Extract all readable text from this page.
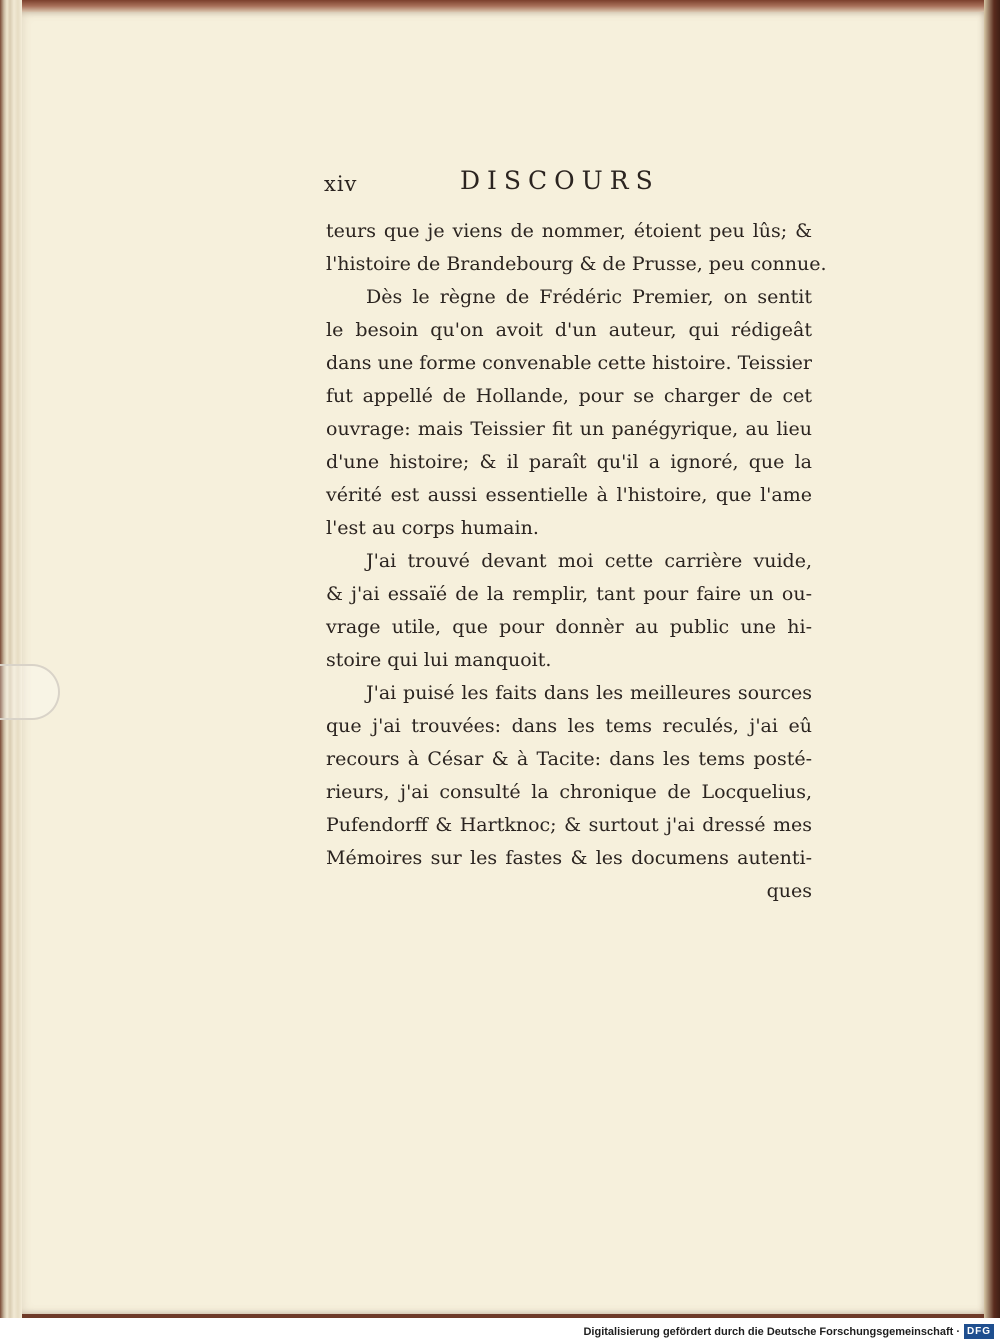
xiv	DISCOURS
teurs que je viens de nommer, étoient peu lûs; &
l'histoire de Brandebourg & de Prusse, peu connue.
Dès le règne de Frédéric Premier, on sentit
le besoin qu'on avoit d'un auteur, qui rédigeât
dans une forme convenable cette histoire. Teissier
fut appellé de Hollande, pour se charger de cet
ouvrage: mais Teissier fit un panégyrique, au lieu
d'une histoire; & il paraît qu'il a ignoré, que la
vérité est aussi essentielle à l'histoire, que l'ame
l'est au corps humain.
J'ai trouvé devant moi cette carrière vuide,
& j'ai essaïé de la remplir, tant pour faire un ou-
vrage utile, que pour donnèr au public une hi-
stoire qui lui manquoit.
J'ai puisé les faits dans les meilleures sources
que j'ai trouvées: dans les tems reculés, j'ai eû
recours à César & à Tacite: dans les tems posté-
rieurs, j'ai consulté la chronique de Locquelius,
Pufendorff & Hartknoc; & surtout j'ai dressé mes
Mémoires sur les fastes & les documens autenti-
ques
Digitalisierung gefördert durch die Deutsche Forschungsgemeinschaft · DFG
